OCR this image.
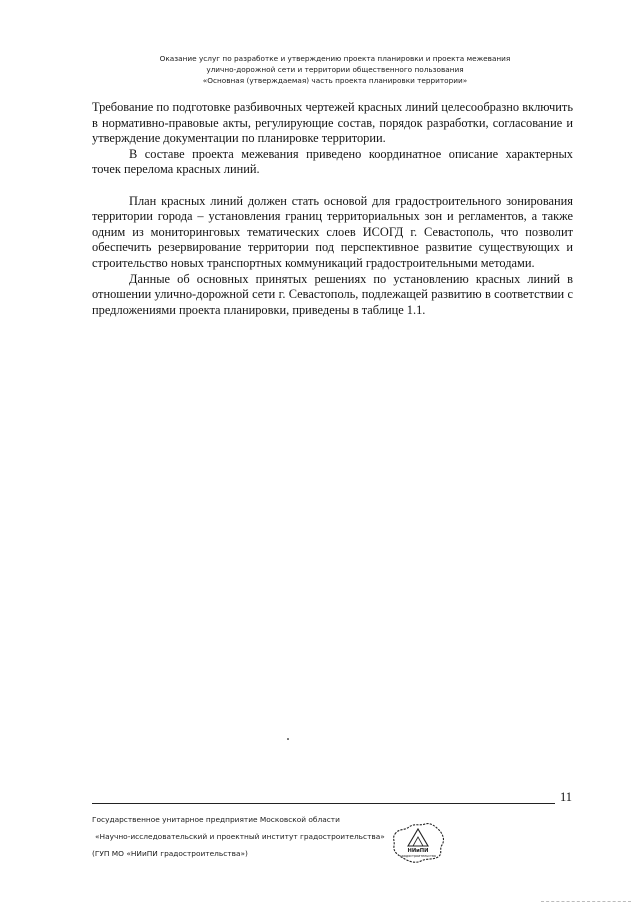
Оказание услуг по разработке и утверждению проекта планировки и проекта межевания
улично-дорожной сети и территории общественного пользования
«Основная (утверждаемая) часть проекта планировки территории»

Требование по подготовке разбивочных чертежей красных линий целесообразно включить в нормативно-правовые акты, регулирующие состав, порядок разработки, согласование и утверждение документации по планировке территории.

В составе проекта межевания приведено координатное описание характерных точек перелома красных линий.

План красных линий должен стать основой для градостроительного зонирования территории города – установления границ территориальных зон и регламентов, а также одним из мониторинговых тематических слоев ИСОГД г. Севастополь, что позволит обеспечить резервирование территории под перспективное развитие существующих и строительство новых транспортных коммуникаций градостроительными методами.

Данные об основных принятых решениях по установлению красных линий в отношении улично-дорожной сети г. Севастополь, подлежащей развитию в соответствии с предложениями проекта планировки, приведены в таблице 1.1.

11
Государственное унитарное предприятие Московской области
«Научно-исследовательский и проектный институт градостроительства»
(ГУП МО «НИиПИ градостроительства»)	НИиПИ
градостроительства
